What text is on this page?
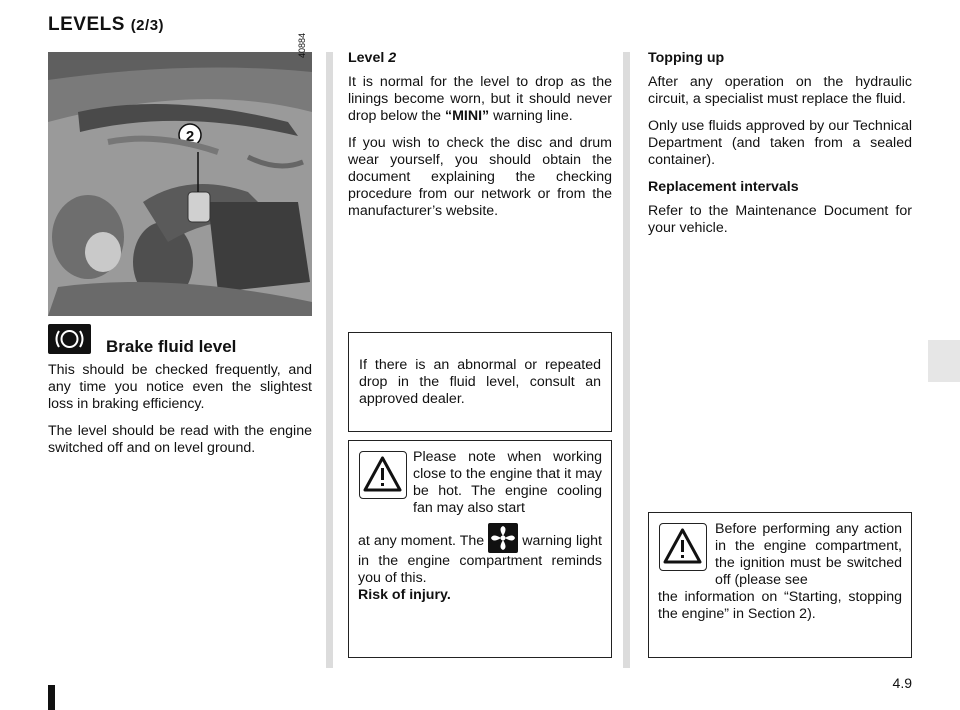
LEVELS (2/3)
2
40884
Brake fluid level

This should be checked frequently, and any time you notice even the slightest loss in braking efficiency.

The level should be read with the engine switched off and on level ground.

Level 2

It is normal for the level to drop as the linings become worn, but it should never drop below the “MINI” warning line.

If you wish to check the disc and drum wear yourself, you should obtain the document explaining the checking procedure from our network or from the manufacturer’s website.

If there is an abnormal or repeated drop in the fluid level, consult an approved dealer.

Please note when working close to the engine that it may be hot. The engine cooling fan may also start

at any moment. The  warning light in the engine compartment reminds you of this.

Risk of injury.

Topping up

After any operation on the hydraulic circuit, a specialist must replace the fluid.

Only use fluids approved by our Technical Department (and taken from a sealed container).

Replacement intervals

Refer to the Maintenance Document for your vehicle.

Before performing any action in the engine compartment, the ignition must be switched off (please see

the information on “Starting, stopping the engine” in Section 2).

4.9
